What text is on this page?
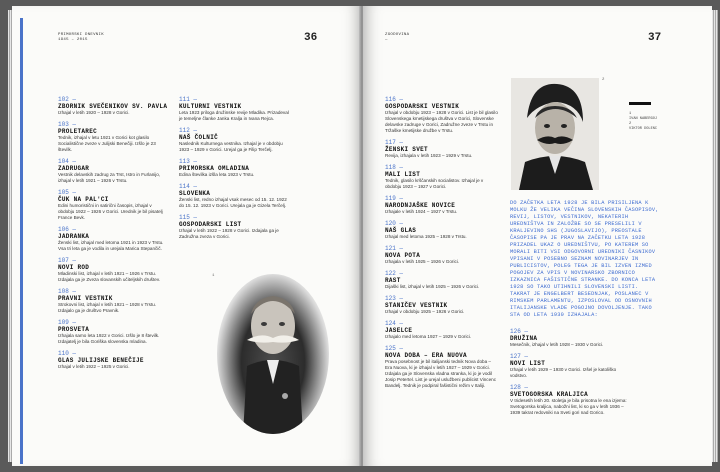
PRIMORSKI DNEVNIK
1945 – 2015	36
102 —
ZBORNIK SVEČENIKOV SV. PAVLA
Izhajal v letih 1920 – 1928 v Gorici.
103 —
PROLETAREC
Tednik, izhajal v letu 1921 v Gorici kot glasilo Socialistične zveze v Julijski Benečiji. Izšlo je 23 številk.
104 —
ZADRUGAR
Vestnik delavskih zadrug za Trst, Istro in Furlanijo, izhajal v letih 1921 – 1926 v Trstu.
105 —
ČUK NA PAL'CI
Edini humoristični in satirični časopis, izhajal v obdobju 1922 – 1926 v Gorici. Urednik je bil pisatelj France Bevk.
106 —
JADRANKA
Ženski list, izhajal med letoma 1921 in 1923 v Trstu. Vsa tri leta ga je vodila in urejala Marica Stepančič.
107 —
NOVI ROD
Mladinski list, izhajal v letih 1921 – 1926 v Trstu. Izdajala ga je Zveza slovanskih učiteljskih društev.
108 —
PRAVNI VESTNIK
Strokovni list, izhajal v letih 1921 – 1928 v Trstu. Izdajalo ga je društvo Pravnik.
109 —
PROSVETA
Izhajala samo leta 1922 v Gorici. Izšlo je 8 številk. Izdajatelj je bila Goriška slovenska mladina.
110 —
GLAS JULIJSKE BENEČIJE
Izhajal v letih 1922 – 1925 v Gorici.
111 —
KULTURNI VESTNIK
Leta 1923 priloga družinske revije Mladika. Prizadeval je temeljne članke Janka Kralja in Ivana Rejca.
112 —
NAŠ ČOLNIČ
Naslednik Kulturnega vestnika. Izhajal je v obdobju 1923 – 1929 v Gorici. Urejal ga je Filip Terčelj.
113 —
PRIMORSKA OMLADINA
Edina številka izšla leta 1923 v Trstu.
114 —
SLOVENKA
Ženski list, redno izhajal vsak mesec od 15. 12. 1922 do 15. 12. 1923 v Gorici. Urejala ga je Gizela Terčelj.
115 —
GOSPODARSKI LIST
Izhajal v letih 1922 – 1928 v Gorici. Izdajala ga je Zadružna zveza v Gorici.
1
ZGODOVINA
—	37
116 —
GOSPODARSKI VESTNIK
Izhajal v obdobju 1923 – 1928 v Gorici. List je bil glasilo Slovenskega kmetijskega društva v Gorici, Slovenske delavske zadruge v Gorici, Zadružne zveze v Trstu in Tržaške kmetijske družbe v Trstu.
117 —
ŽENSKI SVET
Revija, izhajala v letih 1923 – 1929 v Trstu.
118 —
MALI LIST
Tednik, glasilo krščanskih socialistov. Izhajal je v obdobju 1923 – 1927 v Gorici.
119 —
NARODNJAŠKE NOVICE
Izhajale v letih 1924 – 1927 v Trstu.
120 —
NAŠ GLAS
Izhajal med letoma 1925 – 1928 v Trstu.
121 —
NOVA POTA
Izhajala v letih 1925 – 1926 v Gorici.
122 —
RAST
Dijaški list, izhajal v letih 1925 – 1926 v Gorici.
123 —
STANIČEV VESTNIK
Izhajal v obdobju 1925 – 1926 v Gorici.
124 —
JASELCE
Izhajalo med letoma 1927 – 1929 v Gorici.
125 —
NOVA DOBA – ERA NUOVA
Prava posebnost je bil italijanski tednik Nova doba – Era Nuova, ki je izhajal v letih 1927 – 1929 v Gorici. Izdajala ga je Slovenska vladna stranka, ki jo je vodil Josip Petertel. List je urejal uslužbeni publicist Vincenc Bandelj. Tednik je podpiral fašistični režim v Italiji.
126 —
DRUŽINA
Mesečnik, izhajal v letih 1928 – 1930 v Gorici.
127 —
NOVI LIST
Izhajal v letih 1929 – 1930 v Gorici. Izšel je katoliško vodstvo.
128 —
SVETOGORSKA KRALJICA
V tridesetih letih 20. stoletja je bila prisotna le ena izjema: Svetogorska kraljica, nabožni list, ki so ga v letih 1936 – 1939 takrat redovniki na Sveti gori nad Gorico.
2
1
IVAN NABERGOJ
2
VIKTOR DOLENC
DO ZAČETKA LETA 1928 JE BILA PRISILJENA K MOLKU ŽE VELIKA VEČINA SLOVENSKIH ČASOPISOV, REVIJ, LISTOV, VESTNIKOV, NEKATERIH UREDNIŠTVA IN ZALOŽBE SO SE PRESELILI V KRALJEVINO SHS (JUGOSLAVIJO), PREOSTALE ČASOPISE PA JE PRAV NA ZAČETKU LETA 1928 PRIZADEL UKAZ O UREDNIŠTVU, PO KATEREM SO MORALI BITI VSI ODGOVORNI UREDNIKI ČASNIKOV VPISANI V POSEBNO SEZNAM NOVINARJEV IN PUBLICISTOV, POLEG TEGA JE BIL IZVEN IZMED POGOJEV ZA VPIS V NOVINARSKO ZBORNICO IZKAZNICA FAŠISTIČNE STRANKE. DO KONCA LETA 1928 SO TAKO UTIHNILI SLOVENSKI LISTI. TAKRAT JE ENGELBERT BESEDNJAK, POSLANEC V RIMSKEM PARLAMENTU, IZPOSLOVAL OD OSNOVNIH ITALIJANSKE VLADE POGOJNO DOVOLJENJE. TAKO STA OD LETA 1930 IZHAJALA:
